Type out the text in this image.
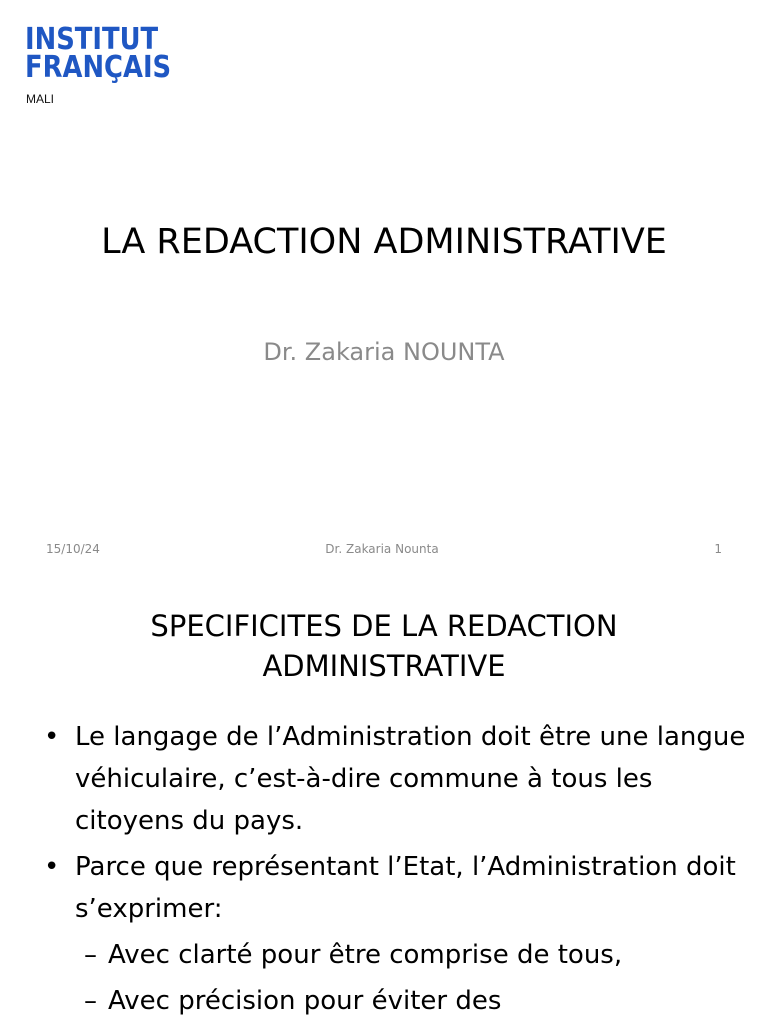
INSTITUT
FRANÇAIS
MALI
LA REDACTION ADMINISTRATIVE
Dr. Zakaria NOUNTA
15/10/24	Dr. Zakaria Nounta	1
SPECIFICITES DE LA REDACTION
ADMINISTRATIVE
• Le langage de l’Administration doit être une langue véhiculaire, c’est-à-dire commune à tous les citoyens du pays.
• Parce que représentant l’Etat, l’Administration doit s’exprimer:
– Avec clarté pour être comprise de tous,
– Avec précision pour éviter des
